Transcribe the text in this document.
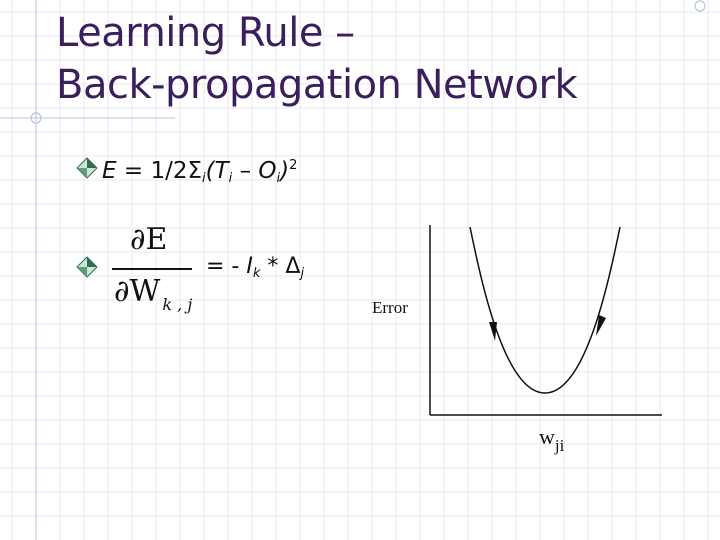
Learning Rule –
Back-propagation Network
$E = 1/2\Sigma_i(T_i - O_i)^2$
∂E
∂W $_{k , j}$
= - $I_k * \Delta_j$
Error
$w_{ji}$
